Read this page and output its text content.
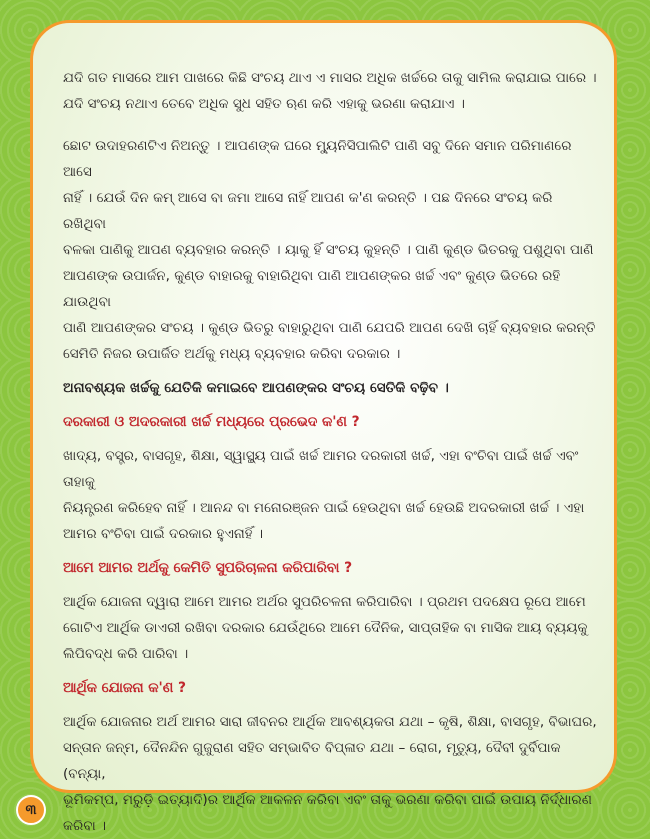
ଯଦି ଗତ ମାସରେ ଆମ ପାଖରେ କିଛି ସଂଚୟ ଥାଏ ଏ ମାସର ଅଧିକ ଖର୍ଚ୍ଚରେ ତାକୁ ସାମିଲ କରାଯାଇ ପାରେ ।

ଯଦି ସଂଚୟ ନଥାଏ ତେବେ ଅଧିକ ସୁଧ ସହିତ ଋଣ କରି ଏହାକୁ ଭରଣା କରାଯାଏ ।

ଛୋଟ ଉଦାହରଣଟିଏ ନିଅନ୍ତୁ । ଆପଣଙ୍କ ଘରେ ମ୍ୟୁନିସିପାଲିଟି ପାଣି ସବୁ ଦିନେ ସମାନ ପରିମାଣରେ ଆସେ

ନାହିଁ । ଯେଉଁ ଦିନ କମ୍ ଆସେ ବା ଜମା ଆସେ ନାହିଁ ଆପଣ କ'ଣ କରନ୍ତି । ପଛ ଦିନରେ ସଂଚୟ କରି ରଖିଥିବା

ବଳକା ପାଣିକୁ ଆପଣ ବ୍ୟବହାର କରନ୍ତି । ୟାକୁ ହିଁ ସଂଚୟ କୁହନ୍ତି । ପାଣି କୁଣ୍ଡ ଭିତରକୁ ପଶୁଥିବା ପାଣି

ଆପଣଙ୍କ ଉପାର୍ଜନ, କୁଣ୍ଡ ବାହାରକୁ ବାହାରିଥିବା ପାଣି ଆପଣଙ୍କର ଖର୍ଚ୍ଚ ଏବଂ କୁଣ୍ଡ ଭିତରେ ରହି ଯାଉଥିବା

ପାଣି ଆପଣଙ୍କର ସଂଚୟ । କୁଣ୍ଡ ଭିତରୁ ବାହାରୁଥିବା ପାଣି ଯେପରି ଆପଣ ଦେଖି ଚାହିଁ ବ୍ୟବହାର କରନ୍ତି

ସେମିତି ନିଜର ଉପାର୍ଜିତ ଅର୍ଥକୁ ମଧ୍ୟ ବ୍ୟବହାର କରିବା ଦରକାର ।

ଅନାବଶ୍ୟକ ଖର୍ଚ୍ଚକୁ ଯେତିକି କମାଇବେ ଆପଣଙ୍କର ସଂଚୟ ସେତିକି ବଢ଼ିବ ।

ଦରକାରୀ ଓ ଅଦରକାରୀ ଖର୍ଚ୍ଚ ମଧ୍ୟରେ ପ୍ରଭେଦ କ'ଣ ?

ଖାଦ୍ୟ, ବସ୍ତ୍ର, ବାସଗୃହ, ଶିକ୍ଷା, ସ୍ୱାସ୍ଥ୍ୟ ପାଇଁ ଖର୍ଚ୍ଚ ଆମର ଦରକାରୀ ଖର୍ଚ୍ଚ, ଏହା ବଂଚିବା ପାଇଁ ଖର୍ଚ୍ଚ ଏବଂ ତାହାକୁ

ନିୟନ୍ତ୍ରଣ କରିହେବ ନାହିଁ । ଆନନ୍ଦ ବା ମନୋରଞ୍ଜନ ପାଇଁ ହେଉଥିବା ଖର୍ଚ୍ଚ ହେଉଛି ଅଦରକାରୀ ଖର୍ଚ୍ଚ । ଏହା

ଆମର ବଂଚିବା ପାଇଁ ଦରକାର ହୁଏନାହିଁ ।

ଆମେ ଆମର ଅର୍ଥକୁ କେମିତି ସୁପରିଚାଳନା କରିପାରିବା ?

ଆର୍ଥିକ ଯୋଜନା ଦ୍ୱାରା ଆମେ ଆମର ଅର୍ଥର ସୁପରିଚଳନା କରିପାରିବା । ପ୍ରଥମ ପଦକ୍ଷେପ ରୂପେ ଆମେ

ଗୋଟିଏ ଆର୍ଥିକ ଡାଏରୀ ରଖିବା ଦରକାର ଯେଉଁଥିରେ ଆମେ ଦୈନିକ, ସାପ୍ତାହିକ ବା ମାସିକ ଆୟ ବ୍ୟୟକୁ

ଲିପିବଦ୍ଧ କରି ପାରିବା ।

ଆର୍ଥିକ ଯୋଜନା କ'ଣ ?

ଆର୍ଥିକ ଯୋଜନାର ଅର୍ଥ ଆମର ସାରା ଜୀବନର ଆର୍ଥିକ ଆବଶ୍ୟକତା ଯଥା – କୃଷି, ଶିକ୍ଷା, ବାସଗୃହ, ବିଭାଘର,

ସନ୍ତାନ ଜନ୍ମ, ଦୈନନ୍ଦିନ ଗୁଜୁରାଣ ସହିତ ସମ୍ଭାବିତ ବିପ୍ଳାତ ଯଥା – ରୋଗ, ମୃତ୍ୟୁ, ଦୈବୀ ଦୁର୍ବିପାକ (ବନ୍ୟା,

ଭୂମିକମ୍ପ, ମରୁଡ଼ି ଇତ୍ୟାଦି)ର ଆର୍ଥିକ ଆକଳନ କରିବା ଏବଂ ତାକୁ ଭରଣା କରିବା ପାଇଁ ଉପାୟ ନିର୍ଦ୍ଧାରଣ

କରିବା ।

୩
